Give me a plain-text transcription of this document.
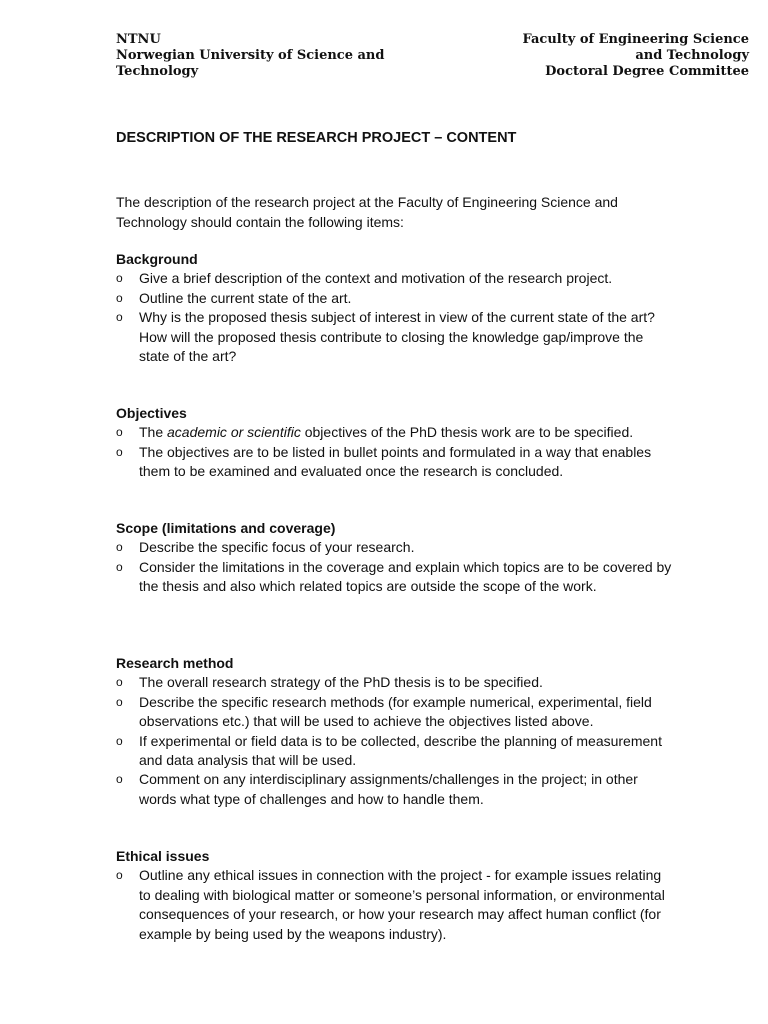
NTNU
Norwegian University of Science and
Technology
Faculty of Engineering Science
and Technology
Doctoral Degree Committee
DESCRIPTION OF THE RESEARCH PROJECT – CONTENT
The description of the research project at the Faculty of Engineering Science and Technology should contain the following items:
Background
o Give a brief description of the context and motivation of the research project.
o Outline the current state of the art.
o Why is the proposed thesis subject of interest in view of the current state of the art? How will the proposed thesis contribute to closing the knowledge gap/improve the state of the art?
Objectives
o The academic or scientific objectives of the PhD thesis work are to be specified.
o The objectives are to be listed in bullet points and formulated in a way that enables them to be examined and evaluated once the research is concluded.
Scope (limitations and coverage)
o Describe the specific focus of your research.
o Consider the limitations in the coverage and explain which topics are to be covered by the thesis and also which related topics are outside the scope of the work.
Research method
o The overall research strategy of the PhD thesis is to be specified.
o Describe the specific research methods (for example numerical, experimental, field observations etc.) that will be used to achieve the objectives listed above.
o If experimental or field data is to be collected, describe the planning of measurement and data analysis that will be used.
o Comment on any interdisciplinary assignments/challenges in the project; in other words what type of challenges and how to handle them.
Ethical issues
o Outline any ethical issues in connection with the project - for example issues relating to dealing with biological matter or someone’s personal information, or environmental consequences of your research, or how your research may affect human conflict (for example by being used by the weapons industry).
